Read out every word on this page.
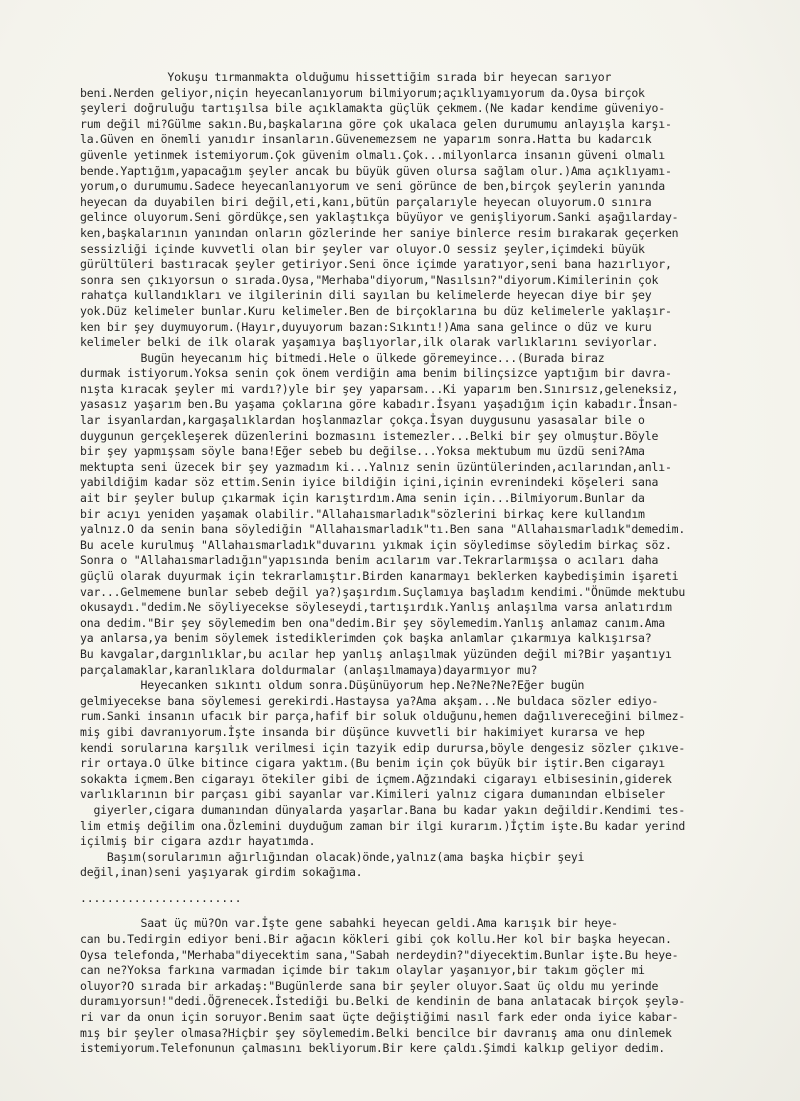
Yokuşu tırmanmakta olduğumu hissettiğim sırada bir heyecan sarıyor
beni.Nerden geliyor,niçin heyecanlanıyorum bilmiyorum;açıklıyamıyorum da.Oysa birçok
şeyleri doğruluğu tartışılsa bile açıklamakta güçlük çekmem.(Ne kadar kendime güveniyo-
rum değil mi?Gülme sakın.Bu,başkalarına göre çok ukalaca gelen durumumu anlayışla karşı-
la.Güven en önemli yanıdır insanların.Güvenemezsem ne yaparım sonra.Hatta bu kadarcık
güvenle yetinmek istemiyorum.Çok güvenim olmalı.Çok...milyonlarca insanın güveni olmalı
bende.Yaptığım,yapacağım şeyler ancak bu büyük güven olursa sağlam olur.)Ama açıklıyamı-
yorum,o durumumu.Sadece heyecanlanıyorum ve seni görünce de ben,birçok şeylerin yanında
heyecan da duyabilen biri değil,eti,kanı,bütün parçalarıyle heyecan oluyorum.O sınıra
gelince oluyorum.Seni gördükçe,sen yaklaştıkça büyüyor ve genişliyorum.Sanki aşağılarday-
ken,başkalarının yanından onların gözlerinde her saniye binlerce resim bırakarak geçerken
sessizliği içinde kuvvetli olan bir şeyler var oluyor.O sessiz şeyler,içimdeki büyük
gürültüleri bastıracak şeyler getiriyor.Seni önce içimde yaratıyor,seni bana hazırlıyor,
sonra sen çıkıyorsun o sırada.Oysa,"Merhaba"diyorum,"Nasılsın?"diyorum.Kimilerinin çok
rahatça kullandıkları ve ilgilerinin dili sayılan bu kelimelerde heyecan diye bir şey
yok.Düz kelimeler bunlar.Kuru kelimeler.Ben de birçoklarına bu düz kelimelerle yaklaşır-
ken bir şey duymuyorum.(Hayır,duyuyorum bazan:Sıkıntı!)Ama sana gelince o düz ve kuru
kelimeler belki de ilk olarak yaşamıya başlıyorlar,ilk olarak varlıklarını seviyorlar.
Bugün heyecanım hiç bitmedi.Hele o ülkede göremeyince...(Burada biraz
durmak istiyorum.Yoksa senin çok önem verdiğin ama benim bilinçsizce yaptığım bir davra-
nışta kıracak şeyler mi vardı?)yle bir şey yaparsam...Ki yaparım ben.Sınırsız,geleneksiz,
yasasız yaşarım ben.Bu yaşama çoklarına göre kabadır.İsyanı yaşadığım için kabadır.İnsan-
lar isyanlardan,kargaşalıklardan hoşlanmazlar çokça.İsyan duygusunu yasasalar bile o
duygunun gerçekleşerek düzenlerini bozmasını istemezler...Belki bir şey olmuştur.Böyle
bir şey yapmışsam söyle bana!Eğer sebeb bu değilse...Yoksa mektubum mu üzdü seni?Ama
mektupta seni üzecek bir şey yazmadım ki...Yalnız senin üzüntülerinden,acılarından,anlı-
yabildiğim kadar söz ettim.Senin iyice bildiğin içini,içinin evrenindeki köşeleri sana
ait bir şeyler bulup çıkarmak için karıştırdım.Ama senin için...Bilmiyorum.Bunlar da
bir acıyı yeniden yaşamak olabilir."Allahaısmarladık"sözlerini birkaç kere kullandım
yalnız.O da senin bana söylediğin "Allahaısmarladık"tı.Ben sana "Allahaısmarladık"demedim.
Bu acele kurulmuş "Allahaısmarladık"duvarını yıkmak için söyledimse söyledim birkaç söz.
Sonra o "Allahaısmarladığın"yapısında benim acılarım var.Tekrarlarmışsa o acıları daha
güçlü olarak duyurmak için tekrarlamıştır.Birden kanarmayı beklerken kaybedişimin işareti
var...Gelmemene bunlar sebeb değil ya?)şaşırdım.Suçlamıya başladım kendimi."Önümde mektubu
okusaydı."dedim.Ne söyliyecekse söyleseydi,tartışırdık.Yanlış anlaşılma varsa anlatırdım
ona dedim."Bir şey söylemedim ben ona"dedim.Bir şey söylemedim.Yanlış anlamaz canım.Ama
ya anlarsa,ya benim söylemek istediklerimden çok başka anlamlar çıkarmıya kalkışırsa?
Bu kavgalar,dargınlıklar,bu acılar hep yanlış anlaşılmak yüzünden değil mi?Bir yaşantıyı
parçalamaklar,karanlıklara doldurmalar (anlaşılmamaya)dayarmıyor mu?
Heyecanken sıkıntı oldum sonra.Düşünüyorum hep.Ne?Ne?Ne?Eğer bugün
gelmiyecekse bana söylemesi gerekirdi.Hastaysa ya?Ama akşam...Ne buldaca sözler ediyo-
rum.Sanki insanın ufacık bir parça,hafif bir soluk olduğunu,hemen dağılıvereceğini bilmez-
miş gibi davranıyorum.İşte insanda bir düşünce kuvvetli bir hakimiyet kurarsa ve hep
kendi sorularına karşılık verilmesi için tazyik edip durursa,böyle dengesiz sözler çıkıve-
rir ortaya.O ülke bitince cigara yaktım.(Bu benim için çok büyük bir iştir.Ben cigarayı
sokakta içmem.Ben cigarayı ötekiler gibi de içmem.Ağzındaki cigarayı elbisesinin,giderek
varlıklarının bir parçası gibi sayanlar var.Kimileri yalnız cigara dumanından elbiseler
giyerler,cigara dumanından dünyalarda yaşarlar.Bana bu kadar yakın değildir.Kendimi tes-
lim etmiş değilim ona.Özlemini duyduğum zaman bir ilgi kurarım.)İçtim işte.Bu kadar yerind
içilmiş bir cigara azdır hayatımda.
Başım(sorularımın ağırlığından olacak)önde,yalnız(ama başka hiçbir şeyi
değil,inan)seni yaşıyarak girdim sokağıma.
........................
Saat üç mü?On var.İşte gene sabahki heyecan geldi.Ama karışık bir heye-
can bu.Tedirgin ediyor beni.Bir ağacın kökleri gibi çok kollu.Her kol bir başka heyecan.
Oysa telefonda,"Merhaba"diyecektim sana,"Sabah nerdeydin?"diyecektim.Bunlar işte.Bu heye-
can ne?Yoksa farkına varmadan içimde bir takım olaylar yaşanıyor,bir takım göçler mi
oluyor?O sırada bir arkadaş:"Bugünlerde sana bir şeyler oluyor.Saat üç oldu mu yerinde
duramıyorsun!"dedi.Öğrenecek.İstediği bu.Belki de kendinin de bana anlatacak birçok şeylə-
ri var da onun için soruyor.Benim saat üçte değiştiğimi nasıl fark eder onda iyice kabar-
mış bir şeyler olmasa?Hiçbir şey söylemedim.Belki bencilce bir davranış ama onu dinlemek
istemiyorum.Telefonunun çalmasını bekliyorum.Bir kere çaldı.Şimdi kalkıp geliyor dedim.
